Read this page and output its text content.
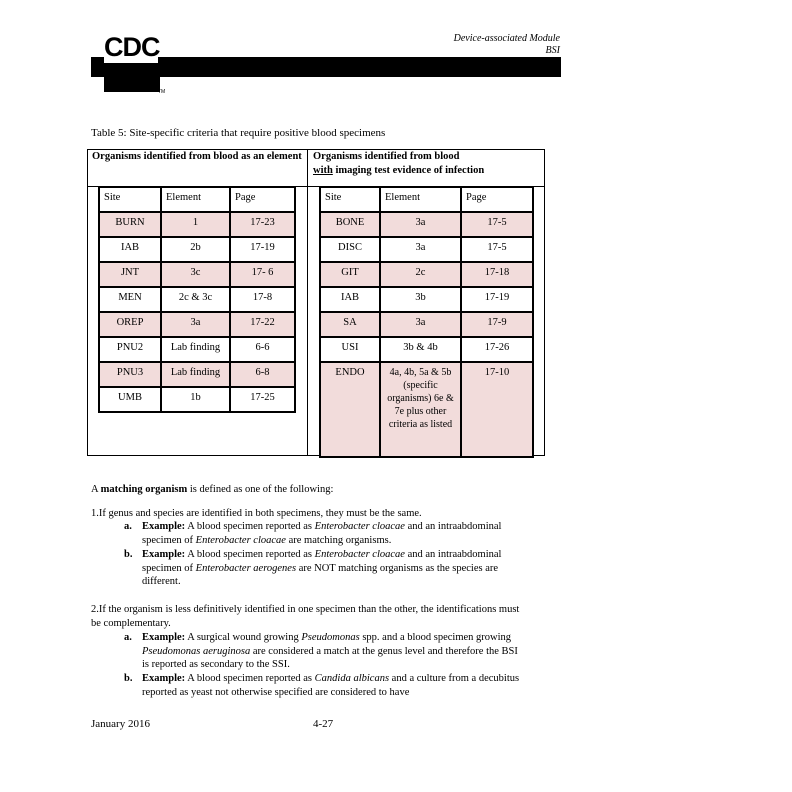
CDC
TM
Device-associated Module
BSI
Table 5: Site-specific criteria that require positive blood specimens
Organisms identified from blood as an element Organisms identified from blood
with imaging test evidence of infection
Site	Element	Page
BURN	1	17-23
IAB	2b	17-19
JNT	3c	17- 6
MEN	2c & 3c	17-8
OREP	3a	17-22
PNU2	Lab finding	6-6
PNU3	Lab finding	6-8
UMB	1b	17-25
Site	Element	Page
BONE	3a	17-5
DISC	3a	17-5
GIT	2c	17-18
IAB	3b	17-19
SA	3a	17-9
USI	3b & 4b	17-26
ENDO	4a, 4b, 5a & 5b (specific organisms) 6e & 7e plus other criteria as listed	17-10
A matching organism is defined as one of the following:
1.If genus and species are identified in both specimens, they must be the same.
a. Example: A blood specimen reported as Enterobacter cloacae and an intraabdominal specimen of Enterobacter cloacae are matching organisms.
b. Example: A blood specimen reported as Enterobacter cloacae and an intraabdominal specimen of Enterobacter aerogenes are NOT matching organisms as the species are different.
2.If the organism is less definitively identified in one specimen than the other, the identifications must be complementary.
a. Example: A surgical wound growing Pseudomonas spp. and a blood specimen growing Pseudomonas aeruginosa are considered a match at the genus level and therefore the BSI is reported as secondary to the SSI.
b. Example: A blood specimen reported as Candida albicans and a culture from a decubitus reported as yeast not otherwise specified are considered to have
January 2016	4-27
